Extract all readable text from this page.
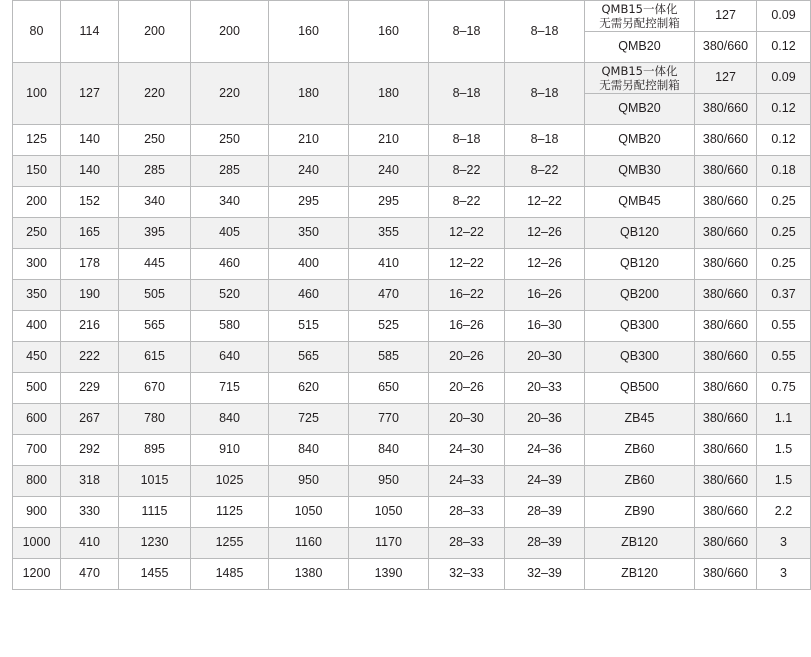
80	114	200	200	160	160	8–18	8–18	QMB15一体化
无需另配控制箱	127	0.09
								QMB20	380/660	0.12
100	127	220	220	180	180	8–18	8–18	QMB15一体化
无需另配控制箱	127	0.09
								QMB20	380/660	0.12
125	140	250	250	210	210	8–18	8–18	QMB20	380/660	0.12
150	140	285	285	240	240	8–22	8–22	QMB30	380/660	0.18
200	152	340	340	295	295	8–22	12–22	QMB45	380/660	0.25
250	165	395	405	350	355	12–22	12–26	QB120	380/660	0.25
300	178	445	460	400	410	12–22	12–26	QB120	380/660	0.25
350	190	505	520	460	470	16–22	16–26	QB200	380/660	0.37
400	216	565	580	515	525	16–26	16–30	QB300	380/660	0.55
450	222	615	640	565	585	20–26	20–30	QB300	380/660	0.55
500	229	670	715	620	650	20–26	20–33	QB500	380/660	0.75
600	267	780	840	725	770	20–30	20–36	ZB45	380/660	1.1
700	292	895	910	840	840	24–30	24–36	ZB60	380/660	1.5
800	318	1015	1025	950	950	24–33	24–39	ZB60	380/660	1.5
900	330	1115	1125	1050	1050	28–33	28–39	ZB90	380/660	2.2
1000	410	1230	1255	1160	1170	28–33	28–39	ZB120	380/660	3
1200	470	1455	1485	1380	1390	32–33	32–39	ZB120	380/660	3
